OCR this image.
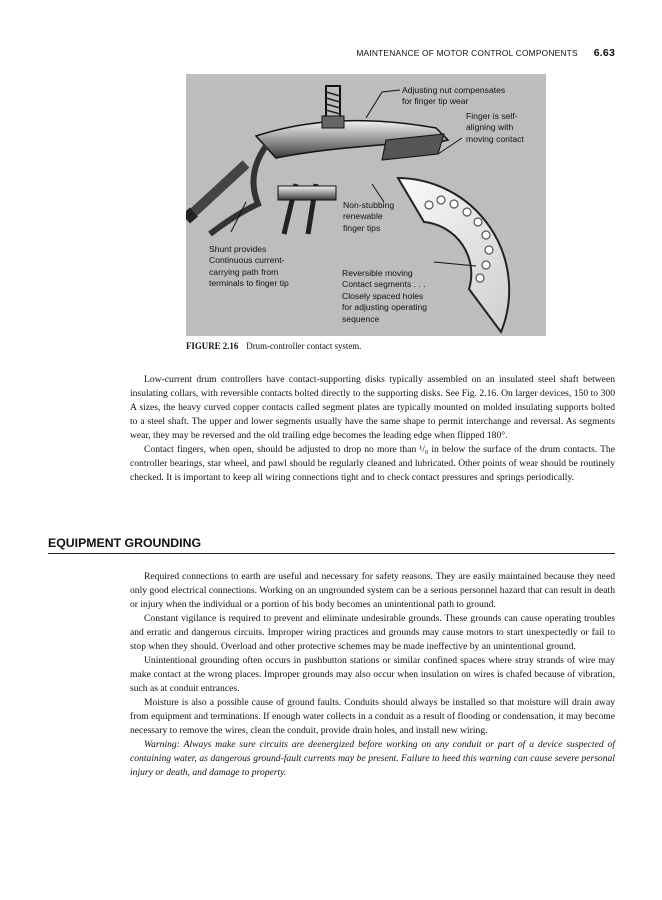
MAINTENANCE OF MOTOR CONTROL COMPONENTS 6.63
Adjusting nut compensates
for finger tip wear
Finger is self-
aligning with
moving contact
Non-stubbing
renewable
finger tips
Shunt provides
Continuous current-
carrying path from
terminals to finger tip
Reversible moving
Contact segments . . .
Closely spaced holes
for adjusting operating
sequence
FIGURE 2.16 Drum-controller contact system.

Low-current drum controllers have contact-supporting disks typically assembled on an insulated steel shaft between insulating collars, with reversible contacts bolted directly to the supporting disks. See Fig. 2.16. On larger devices, 150 to 300 A sizes, the heavy curved copper contacts called segment plates are typically mounted on molded insulating supports bolted to a steel shaft. The upper and lower segments usually have the same shape to permit interchange and reversal. As segments wear, they may be reversed and the old trailing edge becomes the leading edge when flipped 180°.

Contact fingers, when open, should be adjusted to drop no more than ¹/₈ in below the surface of the drum contacts. The controller bearings, star wheel, and pawl should be regularly cleaned and lubricated. Other points of wear should be routinely checked. It is important to keep all wiring connections tight and to check contact pressures and springs periodically.

EQUIPMENT GROUNDING

Required connections to earth are useful and necessary for safety reasons. They are easily maintained because they need only good electrical connections. Working on an ungrounded system can be a serious personnel hazard that can result in death or injury when the individual or a portion of his body becomes an unintentional path to ground.

Constant vigilance is required to prevent and eliminate undesirable grounds. These grounds can cause operating troubles and erratic and dangerous circuits. Improper wiring practices and grounds may cause motors to start unexpectedly or fail to stop when they should. Overload and other protective schemes may be made ineffective by an unintentional ground.

Unintentional grounding often occurs in pushbutton stations or similar confined spaces where stray strands of wire may make contact at the wrong places. Improper grounds may also occur when insulation on wires is chafed because of vibration, such as at conduit entrances.

Moisture is also a possible cause of ground faults. Conduits should always be installed so that moisture will drain away from equipment and terminations. If enough water collects in a conduit as a result of flooding or condensation, it may become necessary to remove the wires, clean the conduit, provide drain holes, and install new wiring.

Warning: Always make sure circuits are deenergized before working on any conduit or part of a device suspected of containing water, as dangerous ground-fault currents may be present. Failure to heed this warning can cause severe personal injury or death, and damage to property.
